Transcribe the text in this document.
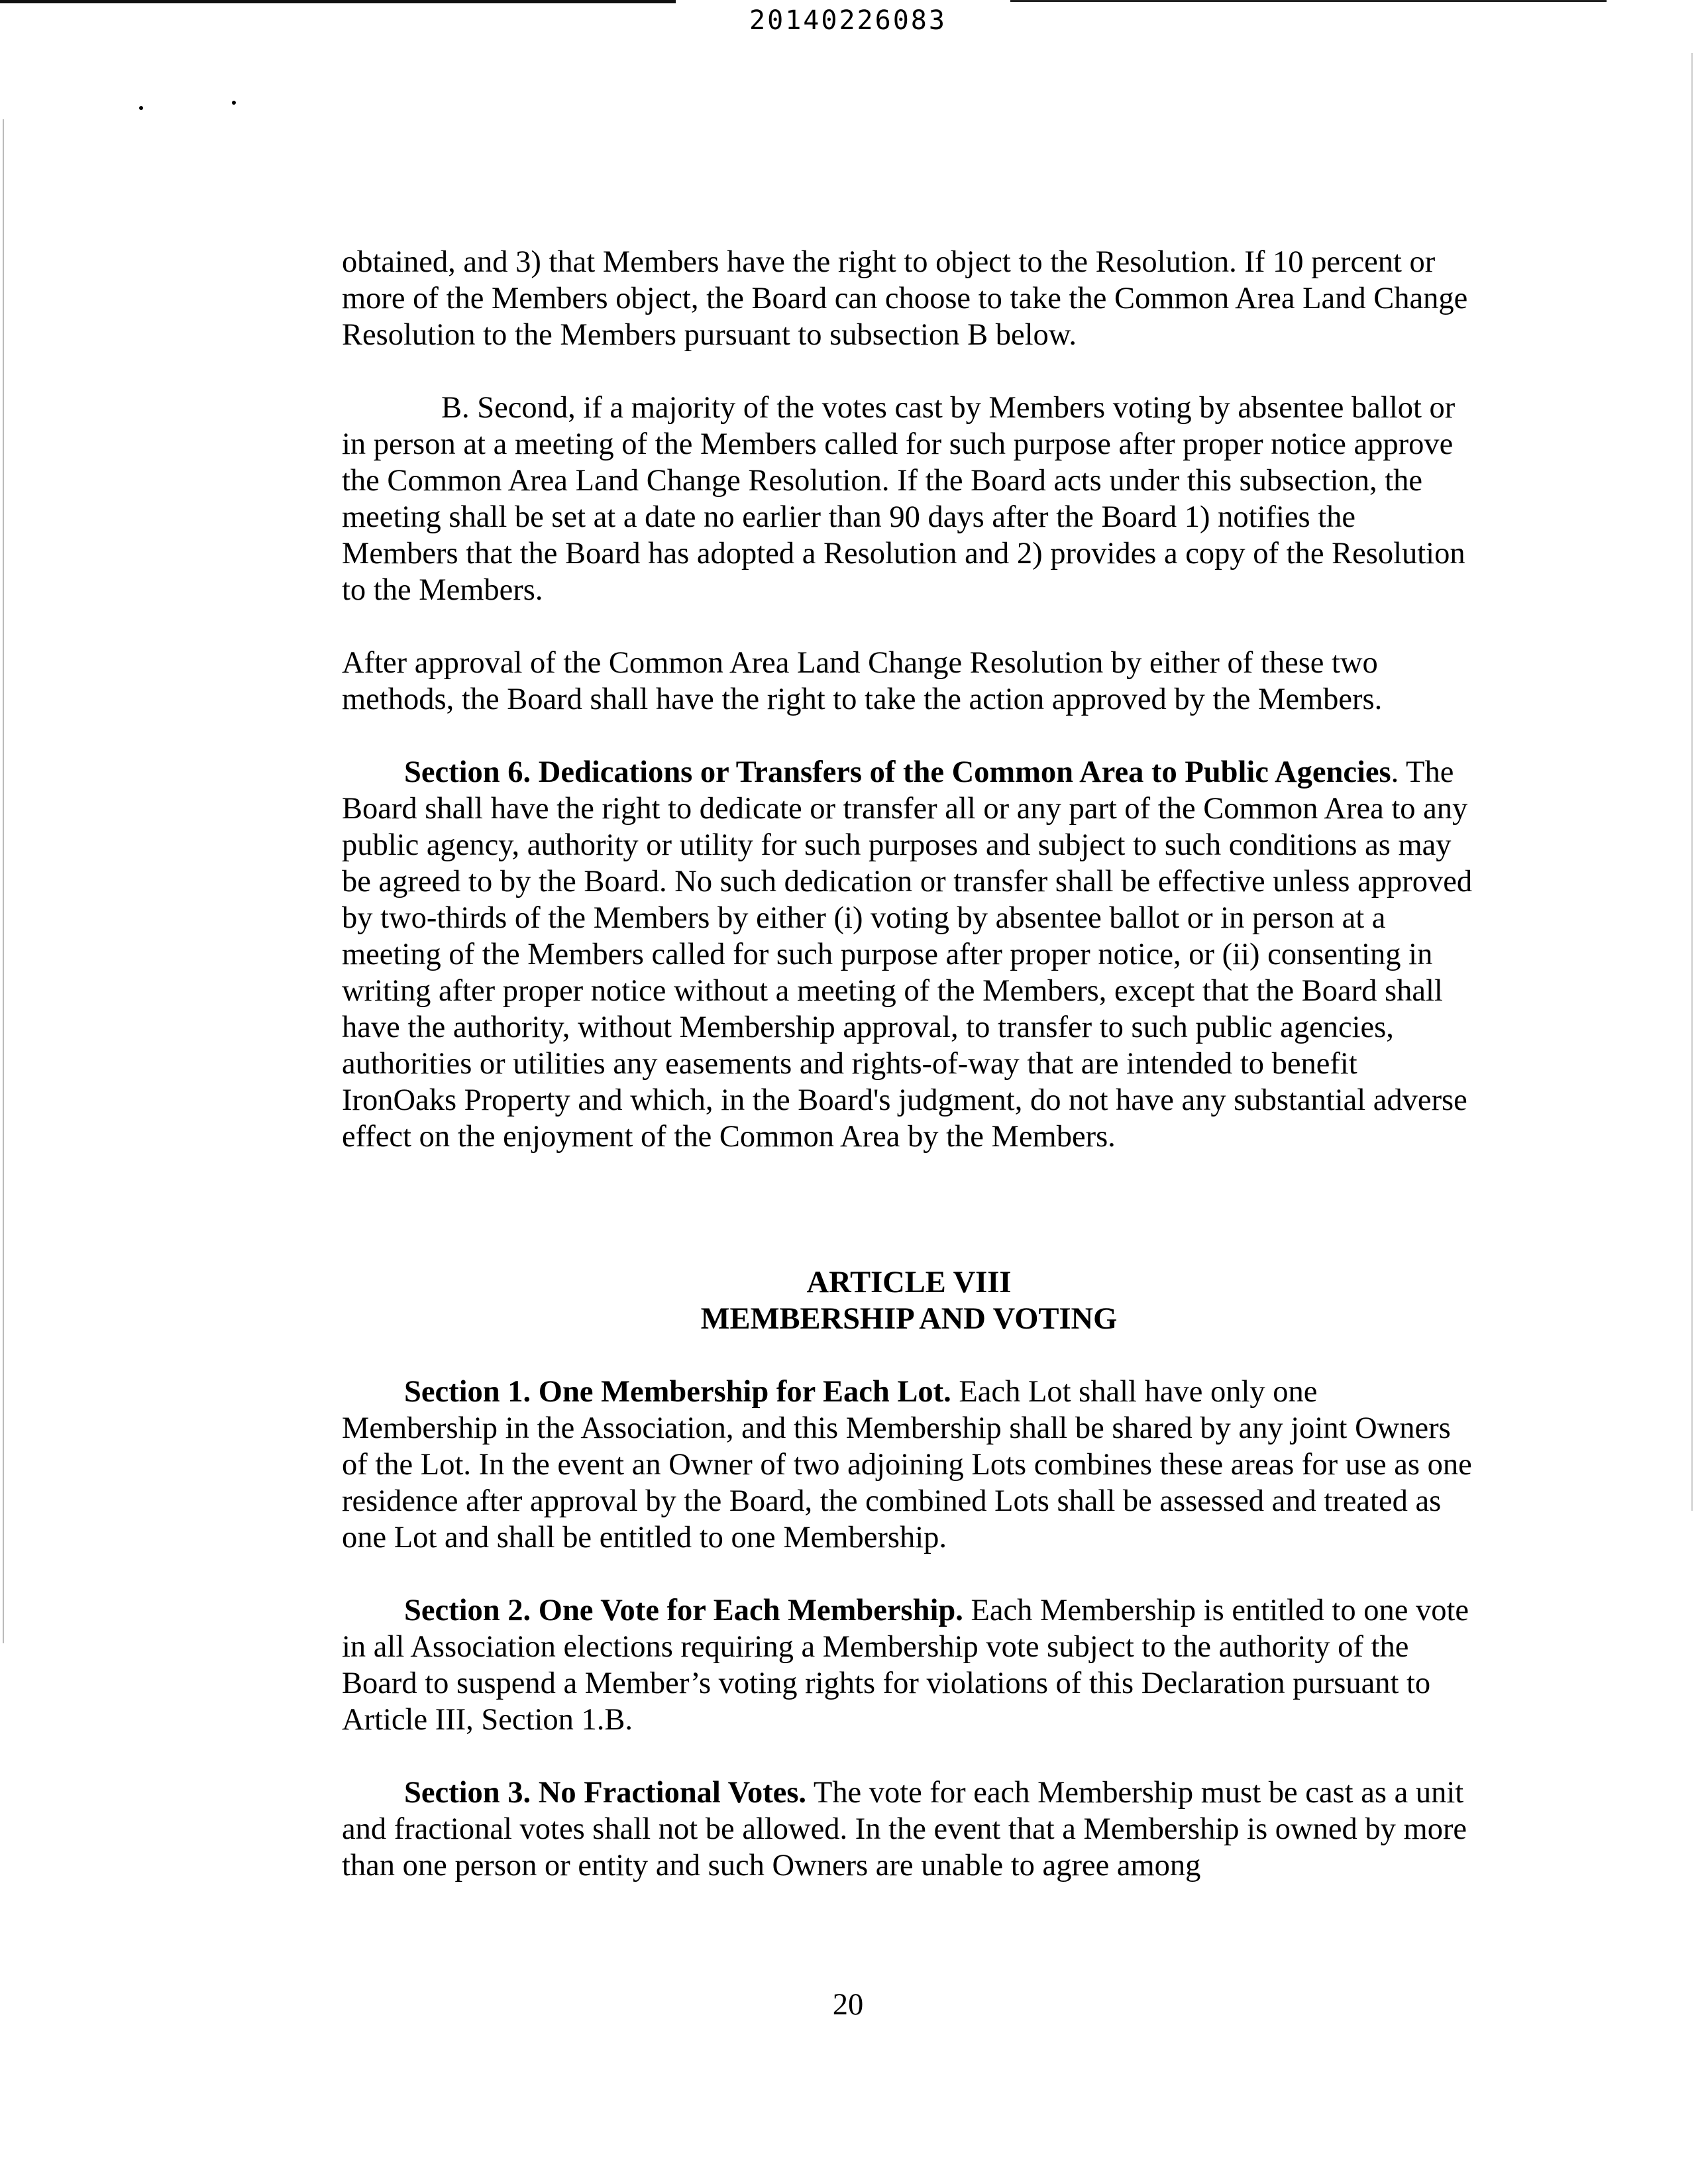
20140226083

obtained, and 3) that Members have the right to object to the Resolution. If 10 percent or more of the Members object, the Board can choose to take the Common Area Land Change Resolution to the Members pursuant to subsection B below.

B. Second, if a majority of the votes cast by Members voting by absentee ballot or in person at a meeting of the Members called for such purpose after proper notice approve the Common Area Land Change Resolution. If the Board acts under this subsection, the meeting shall be set at a date no earlier than 90 days after the Board 1) notifies the Members that the Board has adopted a Resolution and 2) provides a copy of the Resolution to the Members.

After approval of the Common Area Land Change Resolution by either of these two methods, the Board shall have the right to take the action approved by the Members.

Section 6. Dedications or Transfers of the Common Area to Public Agencies. The Board shall have the right to dedicate or transfer all or any part of the Common Area to any public agency, authority or utility for such purposes and subject to such conditions as may be agreed to by the Board. No such dedication or transfer shall be effective unless approved by two-thirds of the Members by either (i) voting by absentee ballot or in person at a meeting of the Members called for such purpose after proper notice, or (ii) consenting in writing after proper notice without a meeting of the Members, except that the Board shall have the authority, without Membership approval, to transfer to such public agencies, authorities or utilities any easements and rights-of-way that are intended to benefit IronOaks Property and which, in the Board's judgment, do not have any substantial adverse effect on the enjoyment of the Common Area by the Members.

ARTICLE VIII

MEMBERSHIP AND VOTING

Section 1. One Membership for Each Lot. Each Lot shall have only one Membership in the Association, and this Membership shall be shared by any joint Owners of the Lot. In the event an Owner of two adjoining Lots combines these areas for use as one residence after approval by the Board, the combined Lots shall be assessed and treated as one Lot and shall be entitled to one Membership.

Section 2. One Vote for Each Membership. Each Membership is entitled to one vote in all Association elections requiring a Membership vote subject to the authority of the Board to suspend a Member’s voting rights for violations of this Declaration pursuant to Article III, Section 1.B.

Section 3. No Fractional Votes. The vote for each Membership must be cast as a unit and fractional votes shall not be allowed. In the event that a Membership is owned by more than one person or entity and such Owners are unable to agree among

20
